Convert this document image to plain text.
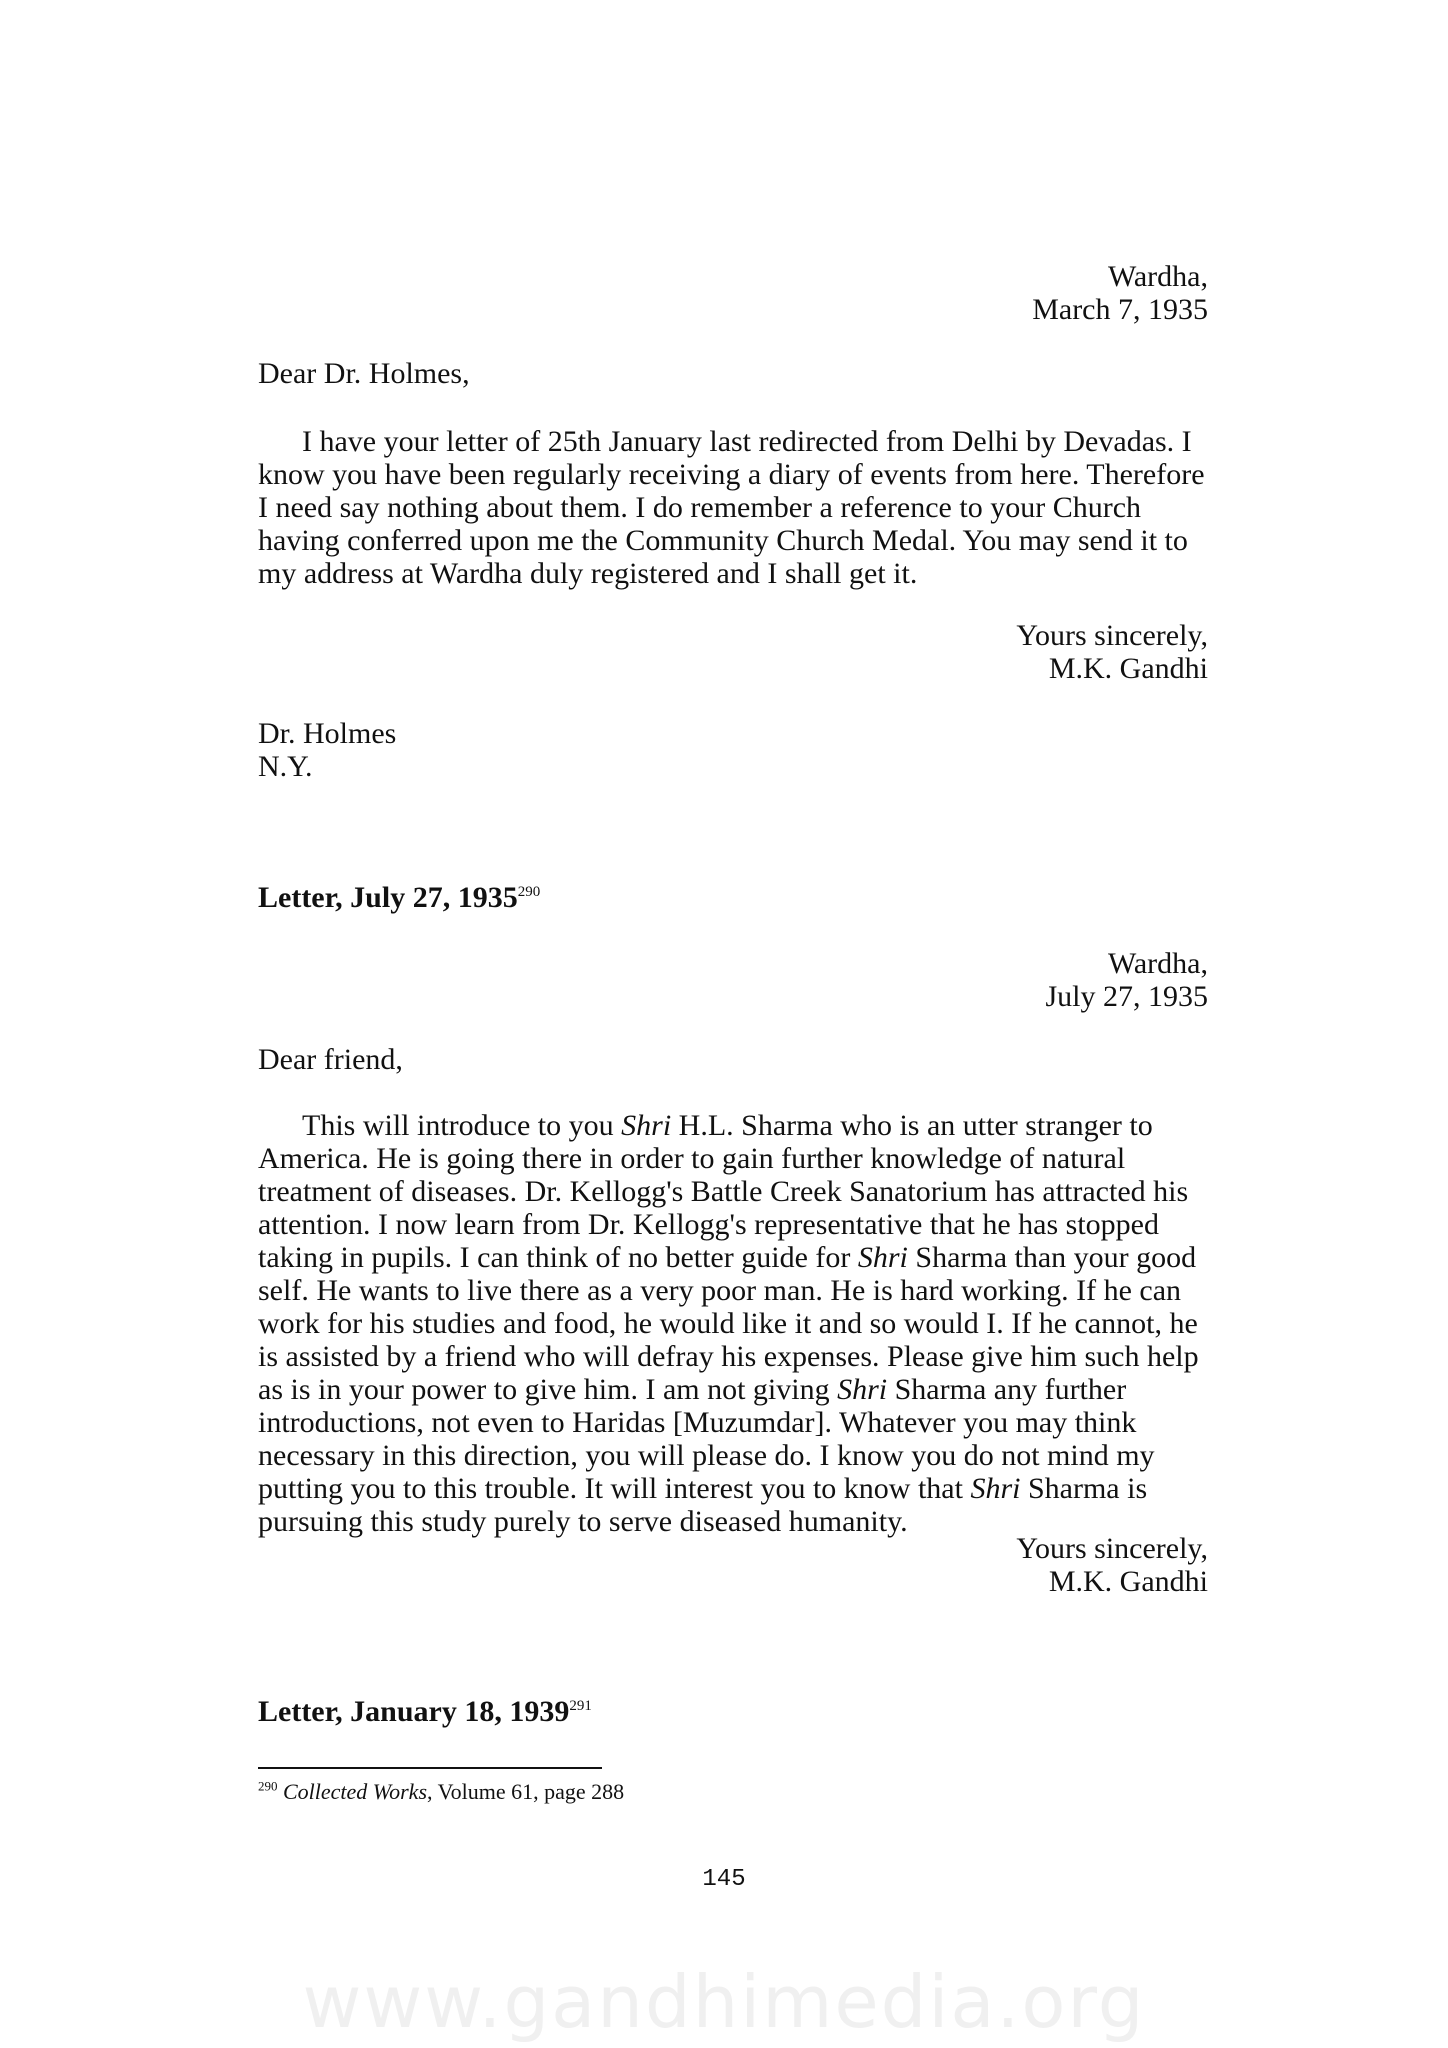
Wardha,
March 7, 1935
Dear Dr. Holmes,
I have your letter of 25th January last redirected from Delhi by Devadas. I know you have been regularly receiving a diary of events from here. Therefore I need say nothing about them. I do remember a reference to your Church having conferred upon me the Community Church Medal. You may send it to my address at Wardha duly registered and I shall get it.
Yours sincerely,
M.K. Gandhi
Dr. Holmes
N.Y.
Letter, July 27, 1935$^{290}$
Wardha,
July 27, 1935
Dear friend,
This will introduce to you Shri H.L. Sharma who is an utter stranger to America. He is going there in order to gain further knowledge of natural treatment of diseases. Dr. Kellogg's Battle Creek Sanatorium has attracted his attention. I now learn from Dr. Kellogg's representative that he has stopped taking in pupils. I can think of no better guide for Shri Sharma than your good self. He wants to live there as a very poor man. He is hard working. If he can work for his studies and food, he would like it and so would I. If he cannot, he is assisted by a friend who will defray his expenses. Please give him such help as is in your power to give him. I am not giving Shri Sharma any further introductions, not even to Haridas [Muzumdar]. Whatever you may think necessary in this direction, you will please do. I know you do not mind my putting you to this trouble. It will interest you to know that Shri Sharma is pursuing this study purely to serve diseased humanity.
Yours sincerely,
M.K. Gandhi
Letter, January 18, 1939$^{291}$
$^{290}$ Collected Works, Volume 61, page 288
145
www.gandhimedia.org
